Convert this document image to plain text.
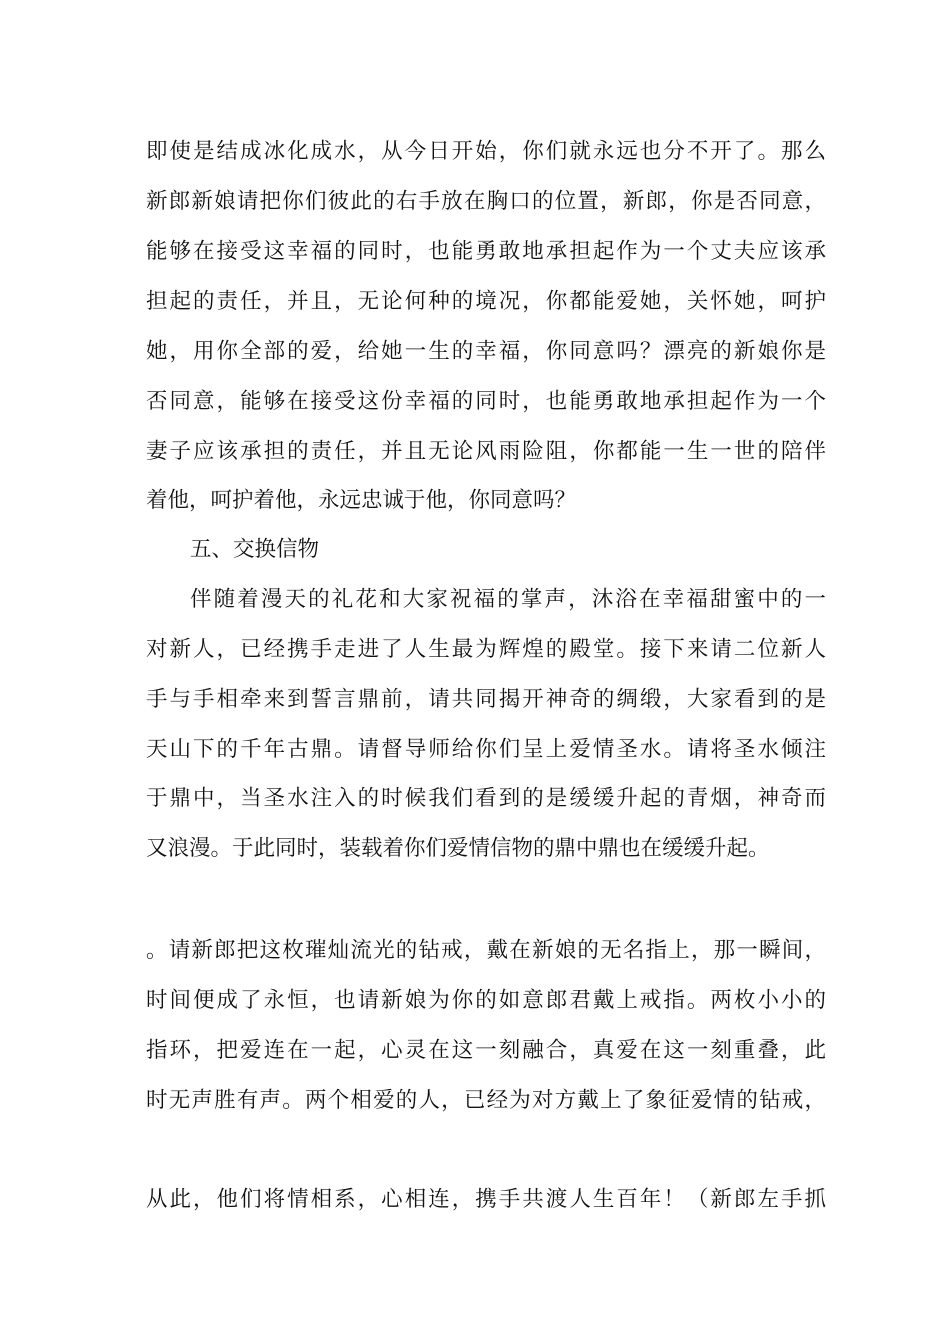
即使是结成冰化成水，从今日开始，你们就永远也分不开了。那么
新郎新娘请把你们彼此的右手放在胸口的位置，新郎，你是否同意，
能够在接受这幸福的同时，也能勇敢地承担起作为一个丈夫应该承
担起的责任，并且，无论何种的境况，你都能爱她，关怀她，呵护
她，用你全部的爱，给她一生的幸福，你同意吗？漂亮的新娘你是
否同意，能够在接受这份幸福的同时，也能勇敢地承担起作为一个
妻子应该承担的责任，并且无论风雨险阻，你都能一生一世的陪伴
着他，呵护着他，永远忠诚于他，你同意吗？
五、交换信物
伴随着漫天的礼花和大家祝福的掌声，沐浴在幸福甜蜜中的一
对新人，已经携手走进了人生最为辉煌的殿堂。接下来请二位新人
手与手相牵来到誓言鼎前，请共同揭开神奇的绸缎，大家看到的是
天山下的千年古鼎。请督导师给你们呈上爱情圣水。请将圣水倾注
于鼎中，当圣水注入的时候我们看到的是缓缓升起的青烟，神奇而
又浪漫。于此同时，装载着你们爱情信物的鼎中鼎也在缓缓升起。
。请新郎把这枚璀灿流光的钻戒，戴在新娘的无名指上，那一瞬间，
时间便成了永恒，也请新娘为你的如意郎君戴上戒指。两枚小小的
指环，把爱连在一起，心灵在这一刻融合，真爱在这一刻重叠，此
时无声胜有声。两个相爱的人，已经为对方戴上了象征爱情的钻戒，
从此，他们将情相系，心相连，携手共渡人生百年！（新郎左手抓
